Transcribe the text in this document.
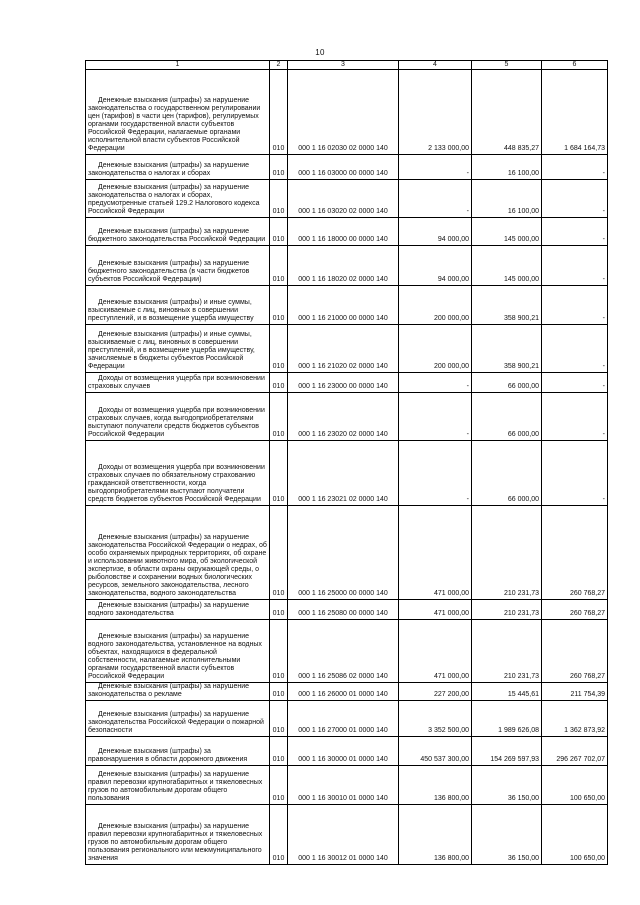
10
1	2	3	4	5	6

Денежные взыскания (штрафы) за нарушение законодательства о государственном регулировании цен (тарифов) в части цен (тарифов), регулируемых органами государственной власти субъектов Российской Федерации, налагаемые органами исполнительной власти субъектов Российской Федерации	010	000 1 16 02030 02 0000 140	2 133 000,00	448 835,27	1 684 164,73

Денежные взыскания (штрафы) за нарушение законодательства о налогах и сборах	010	000 1 16 03000 00 0000 140	-	16 100,00	-

Денежные взыскания (штрафы) за нарушение законодательства о налогах и сборах, предусмотренные статьей 129.2 Налогового кодекса Российской Федерации	010	000 1 16 03020 02 0000 140	-	16 100,00	-

Денежные взыскания (штрафы) за нарушение бюджетного законодательства Российской Федерации	010	000 1 16 18000 00 0000 140	94 000,00	145 000,00	-

Денежные взыскания (штрафы) за нарушение бюджетного законодательства (в части бюджетов субъектов Российской Федерации)	010	000 1 16 18020 02 0000 140	94 000,00	145 000,00	-

Денежные взыскания (штрафы) и иные суммы, взыскиваемые с лиц, виновных в совершении преступлений, и в возмещение ущерба имуществу	010	000 1 16 21000 00 0000 140	200 000,00	358 900,21	-

Денежные взыскания (штрафы) и иные суммы, взыскиваемые с лиц, виновных в совершении преступлений, и в возмещение ущерба имуществу, зачисляемые в бюджеты субъектов Российской Федерации	010	000 1 16 21020 02 0000 140	200 000,00	358 900,21	-

Доходы от возмещения ущерба при возникновении страховых случаев	010	000 1 16 23000 00 0000 140	-	66 000,00	-

Доходы от возмещения ущерба при возникновении страховых случаев, когда выгодоприобретателями выступают получатели средств бюджетов субъектов Российской Федерации	010	000 1 16 23020 02 0000 140	-	66 000,00	-

Доходы от возмещения ущерба при возникновении страховых случаев по обязательному страхованию гражданской ответственности, когда выгодоприобретателями выступают получатели средств бюджетов субъектов Российской Федерации	010	000 1 16 23021 02 0000 140	-	66 000,00	-

Денежные взыскания (штрафы) за нарушение законодательства Российской Федерации о недрах, об особо охраняемых природных территориях, об охране и использовании животного мира, об экологической экспертизе, в области охраны окружающей среды, о рыболовстве и сохранении водных биологических ресурсов, земельного законодательства, лесного законодательства, водного законодательства	010	000 1 16 25000 00 0000 140	471 000,00	210 231,73	260 768,27

Денежные взыскания (штрафы) за нарушение водного законодательства	010	000 1 16 25080 00 0000 140	471 000,00	210 231,73	260 768,27

Денежные взыскания (штрафы) за нарушение водного законодательства, установленное на водных объектах, находящихся в федеральной собственности, налагаемые исполнительными органами государственной власти субъектов Российской Федерации	010	000 1 16 25086 02 0000 140	471 000,00	210 231,73	260 768,27

Денежные взыскания (штрафы) за нарушение законодательства о рекламе	010	000 1 16 26000 01 0000 140	227 200,00	15 445,61	211 754,39

Денежные взыскания (штрафы) за нарушение законодательства Российской Федерации о пожарной безопасности	010	000 1 16 27000 01 0000 140	3 352 500,00	1 989 626,08	1 362 873,92

Денежные взыскания (штрафы) за правонарушения в области дорожного движения	010	000 1 16 30000 01 0000 140	450 537 300,00	154 269 597,93	296 267 702,07

Денежные взыскания (штрафы) за нарушение правил перевозки крупногабаритных и тяжеловесных грузов по автомобильным дорогам общего пользования	010	000 1 16 30010 01 0000 140	136 800,00	36 150,00	100 650,00

Денежные взыскания (штрафы) за нарушение правил перевозки крупногабаритных и тяжеловесных грузов по автомобильным дорогам общего пользования регионального или межмуниципального значения	010	000 1 16 30012 01 0000 140	136 800,00	36 150,00	100 650,00
